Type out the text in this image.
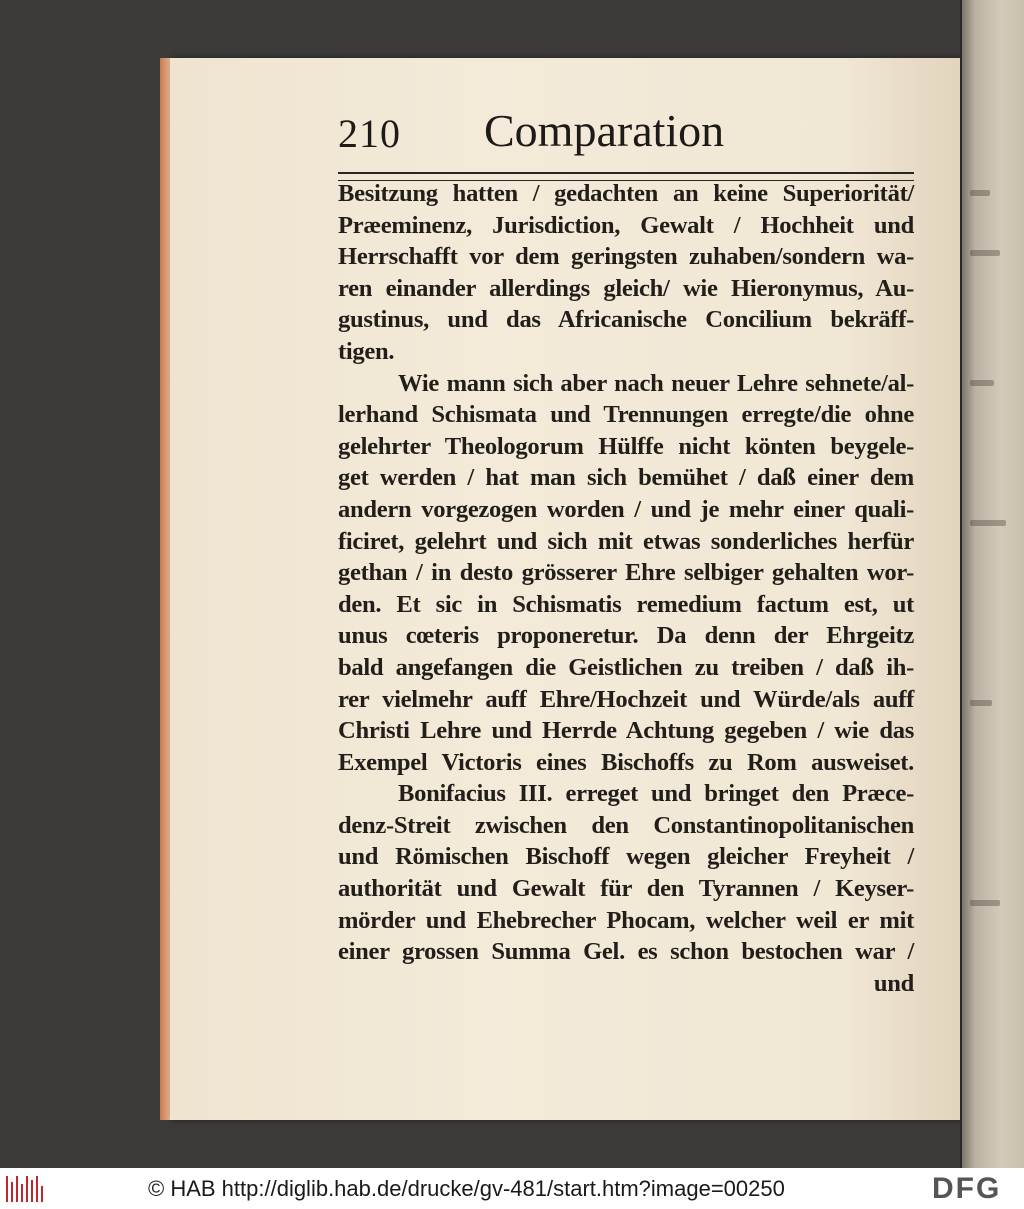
210 Comparation
Besitzung hatten / gedachten an keine Superiorität/
Præeminenz, Jurisdiction, Gewalt / Hochheit und
Herrschafft vor dem geringsten zuhaben/sondern wa-
ren einander allerdings gleich/ wie Hieronymus, Au-
gustinus, und das Africanische Concilium bekräff-
tigen.
Wie mann sich aber nach neuer Lehre sehnete/al-
lerhand Schismata und Trennungen erregte/die ohne
gelehrter Theologorum Hülffe nicht könten beygele-
get werden / hat man sich bemühet / daß einer dem
andern vorgezogen worden / und je mehr einer quali-
ficiret, gelehrt und sich mit etwas sonderliches herfür
gethan / in desto grösserer Ehre selbiger gehalten wor-
den. Et sic in Schismatis remedium factum est, ut
unus cœteris proponeretur. Da denn der Ehrgeitz
bald angefangen die Geistlichen zu treiben / daß ih-
rer vielmehr auff Ehre/Hochzeit und Würde/als auff
Christi Lehre und Herrde Achtung gegeben / wie das
Exempel Victoris eines Bischoffs zu Rom ausweiset.
Bonifacius III. erreget und bringet den Præce-
denz-Streit zwischen den Constantinopolitanischen
und Römischen Bischoff wegen gleicher Freyheit /
authorität und Gewalt für den Tyrannen / Keyser-
mörder und Ehebrecher Phocam, welcher weil er mit
einer grossen Summa Gel. es schon bestochen war /
und
© HAB http://diglib.hab.de/drucke/gv-481/start.htm?image=00250	DFG
